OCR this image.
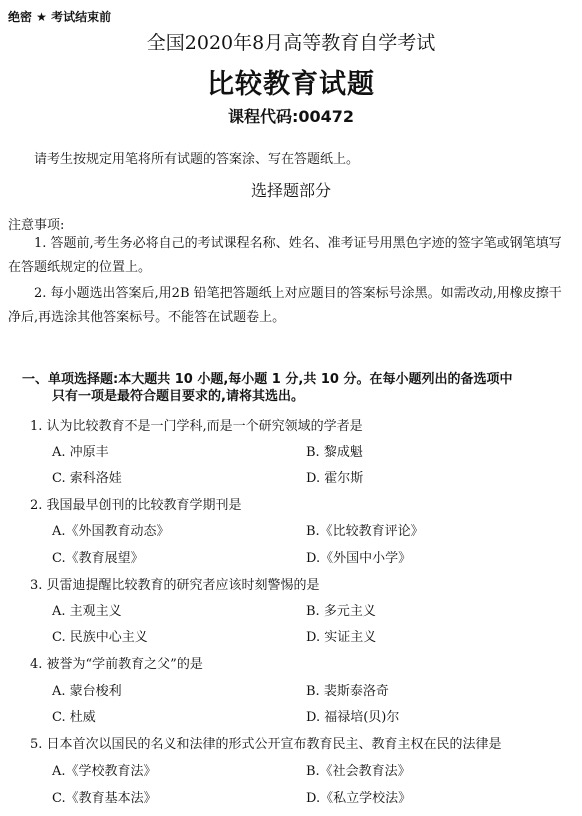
绝密 ★ 考试结束前
全国2020年8月高等教育自学考试
比较教育试题
课程代码:00472
请考生按规定用笔将所有试题的答案涂、写在答题纸上。
选择题部分
注意事项:
1. 答题前,考生务必将自己的考试课程名称、姓名、准考证号用黑色字迹的签字笔或钢笔填写在答题纸规定的位置上。
2. 每小题选出答案后,用2B 铅笔把答题纸上对应题目的答案标号涂黑。如需改动,用橡皮擦干净后,再选涂其他答案标号。不能答在试题卷上。
一、单项选择题:本大题共 10 小题,每小题 1 分,共 10 分。在每小题列出的备选项中
只有一项是最符合题目要求的,请将其选出。
1. 认为比较教育不是一门学科,而是一个研究领域的学者是
A. 冲原丰	B. 黎成魁
C. 索科洛娃	D. 霍尔斯
2. 我国最早创刊的比较教育学期刊是
A.《外国教育动态》	B.《比较教育评论》
C.《教育展望》	D.《外国中小学》
3. 贝雷迪提醒比较教育的研究者应该时刻警惕的是
A. 主观主义	B. 多元主义
C. 民族中心主义	D. 实证主义
4. 被誉为“学前教育之父”的是
A. 蒙台梭利	B. 裴斯泰洛奇
C. 杜威	D. 福禄培(贝)尔
5. 日本首次以国民的名义和法律的形式公开宣布教育民主、教育主权在民的法律是
A.《学校教育法》	B.《社会教育法》
C.《教育基本法》	D.《私立学校法》
